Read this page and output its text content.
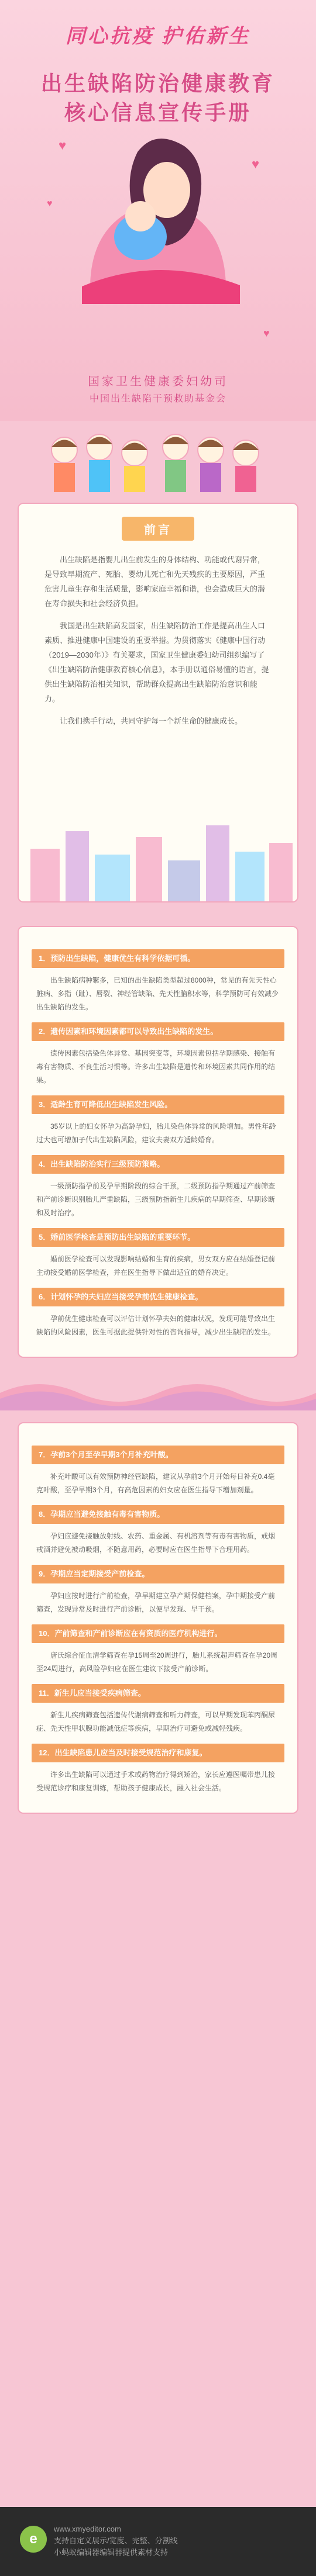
同心抗疫 护佑新生
出生缺陷防治健康教育
核心信息宣传手册
♥
♥
♥
♥
国家卫生健康委妇幼司
中国出生缺陷干预救助基金会
前言

出生缺陷是指婴儿出生前发生的身体结构、功能或代谢异常，是导致早期流产、死胎、婴幼儿死亡和先天残疾的主要原因，严重危害儿童生存和生活质量，影响家庭幸福和谐，也会造成巨大的潜在寿命损失和社会经济负担。

我国是出生缺陷高发国家，出生缺陷防治工作是提高出生人口素质、推进健康中国建设的重要举措。为贯彻落实《健康中国行动（2019—2030年）》有关要求，国家卫生健康委妇幼司组织编写了《出生缺陷防治健康教育核心信息》，本手册以通俗易懂的语言，提供出生缺陷防治相关知识，帮助群众提高出生缺陷防治意识和能力。

让我们携手行动，共同守护每一个新生命的健康成长。

1．预防出生缺陷，健康优生有科学依据可循。
出生缺陷病种繁多，已知的出生缺陷类型超过8000种，常见的有先天性心脏病、多指（趾）、唇裂、神经管缺陷、先天性脑积水等，科学预防可有效减少出生缺陷的发生。
2．遗传因素和环境因素都可以导致出生缺陷的发生。
遗传因素包括染色体异常、基因突变等，环境因素包括孕期感染、接触有毒有害物质、不良生活习惯等。许多出生缺陷是遗传和环境因素共同作用的结果。
3．适龄生育可降低出生缺陷发生风险。
35岁以上的妇女怀孕为高龄孕妇，胎儿染色体异常的风险增加。男性年龄过大也可增加子代出生缺陷风险，建议夫妻双方适龄婚育。
4．出生缺陷防治实行三级预防策略。
一级预防指孕前及孕早期阶段的综合干预，二级预防指孕期通过产前筛查和产前诊断识别胎儿严重缺陷，三级预防指新生儿疾病的早期筛查、早期诊断和及时治疗。
5．婚前医学检查是预防出生缺陷的重要环节。
婚前医学检查可以发现影响结婚和生育的疾病，男女双方应在结婚登记前主动接受婚前医学检查，并在医生指导下做出适宜的婚育决定。
6．计划怀孕的夫妇应当接受孕前优生健康检查。
孕前优生健康检查可以评估计划怀孕夫妇的健康状况，发现可能导致出生缺陷的风险因素，医生可据此提供针对性的咨询指导，减少出生缺陷的发生。
7．孕前3个月至孕早期3个月补充叶酸。
补充叶酸可以有效预防神经管缺陷，建议从孕前3个月开始每日补充0.4毫克叶酸，至孕早期3个月，有高危因素的妇女应在医生指导下增加剂量。
8．孕期应当避免接触有毒有害物质。
孕妇应避免接触放射线、农药、重金属、有机溶剂等有毒有害物质，戒烟戒酒并避免被动吸烟，不随意用药，必要时应在医生指导下合理用药。
9．孕期应当定期接受产前检查。
孕妇应按时进行产前检查，孕早期建立孕产期保健档案，孕中期接受产前筛查，发现异常及时进行产前诊断，以便早发现、早干预。
10．产前筛查和产前诊断应在有资质的医疗机构进行。
唐氏综合征血清学筛查在孕15周至20周进行，胎儿系统超声筛查在孕20周至24周进行，高风险孕妇应在医生建议下接受产前诊断。
11．新生儿应当接受疾病筛查。
新生儿疾病筛查包括遗传代谢病筛查和听力筛查，可以早期发现苯丙酮尿症、先天性甲状腺功能减低症等疾病，早期治疗可避免或减轻残疾。
12．出生缺陷患儿应当及时接受规范治疗和康复。
许多出生缺陷可以通过手术或药物治疗得到矫治，家长应遵医嘱带患儿接受规范诊疗和康复训练，帮助孩子健康成长，融入社会生活。
e
www.xmyeditor.com
支持自定义展示/宽度、完整、分割线
小蚂蚁编辑器编辑器提供素材支持
